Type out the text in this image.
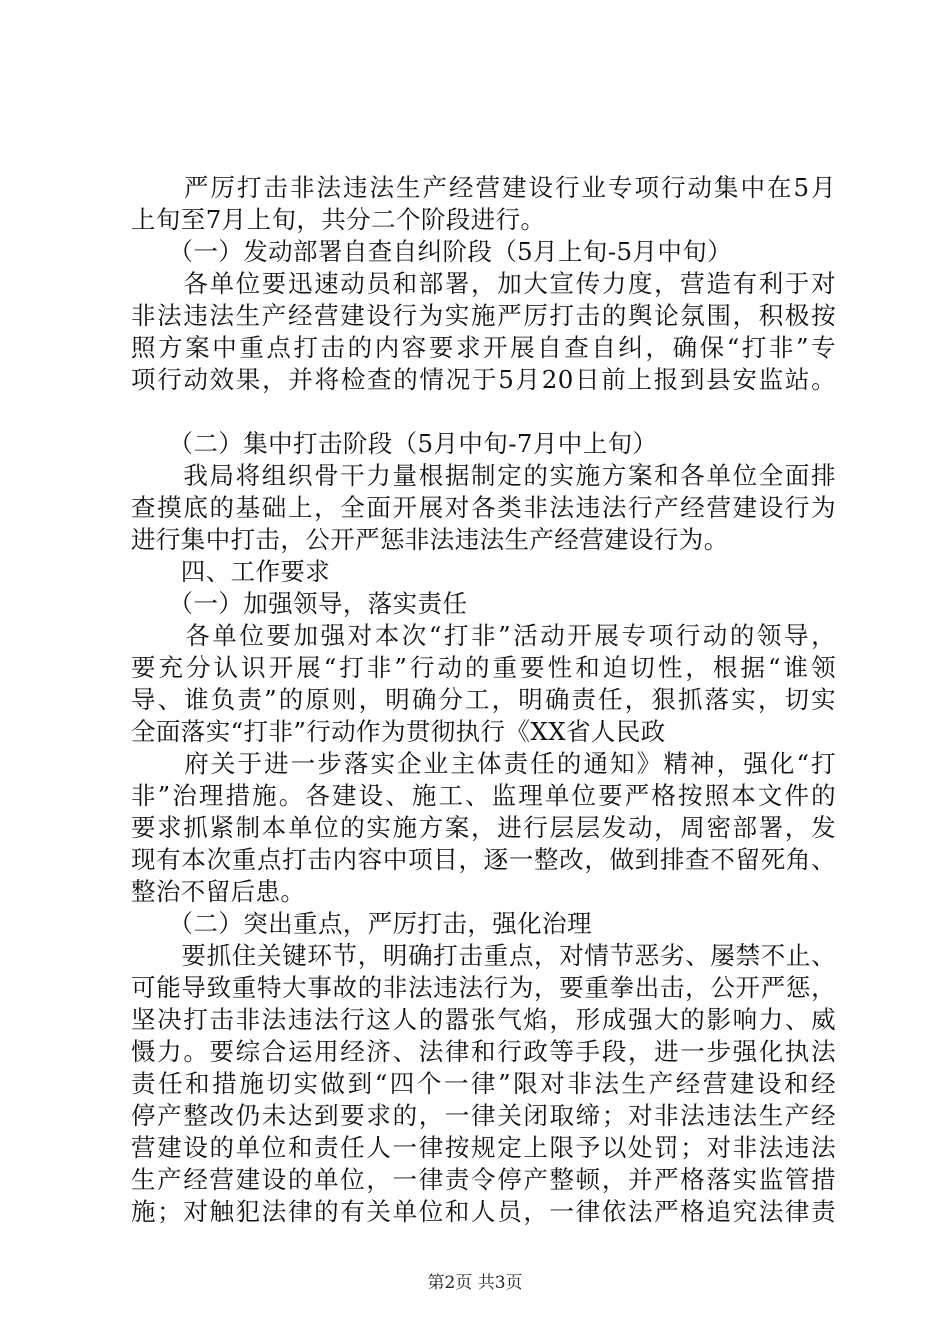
　　严厉打击非法违法生产经营建设行业专项行动集中在5月
上旬至7月上旬，共分二个阶段进行。
　　（一）发动部署自查自纠阶段（5月上旬-5月中旬）
　　各单位要迅速动员和部署，加大宣传力度，营造有利于对
非法违法生产经营建设行为实施严厉打击的舆论氛围，积极按
照方案中重点打击的内容要求开展自查自纠，确保“打非”专
项行动效果，并将检查的情况于5月20日前上报到县安监站。
　　（二）集中打击阶段（5月中旬-7月中上旬）
　　我局将组织骨干力量根据制定的实施方案和各单位全面排
查摸底的基础上，全面开展对各类非法违法行产经营建设行为
进行集中打击，公开严惩非法违法生产经营建设行为。
　　四、工作要求
　　（一）加强领导，落实责任
　　各单位要加强对本次“打非”活动开展专项行动的领导，
要充分认识开展“打非”行动的重要性和迫切性，根据“谁领
导、谁负责”的原则，明确分工，明确责任，狠抓落实，切实
全面落实“打非”行动作为贯彻执行《XX省人民政
　　府关于进一步落实企业主体责任的通知》精神，强化“打
非”治理措施。各建设、施工、监理单位要严格按照本文件的
要求抓紧制本单位的实施方案，进行层层发动，周密部署，发
现有本次重点打击内容中项目，逐一整改，做到排查不留死角、
整治不留后患。
　　（二）突出重点，严厉打击，强化治理
　　要抓住关键环节，明确打击重点，对情节恶劣、屡禁不止、
可能导致重特大事故的非法违法行为，要重拳出击，公开严惩，
坚决打击非法违法行这人的嚣张气焰，形成强大的影响力、威
慑力。要综合运用经济、法律和行政等手段，进一步强化执法
责任和措施切实做到“四个一律”限对非法生产经营建设和经
停产整改仍未达到要求的，一律关闭取缔；对非法违法生产经
营建设的单位和责任人一律按规定上限予以处罚；对非法违法
生产经营建设的单位，一律责令停产整顿，并严格落实监管措
施；对触犯法律的有关单位和人员，一律依法严格追究法律责
第2页 共3页
